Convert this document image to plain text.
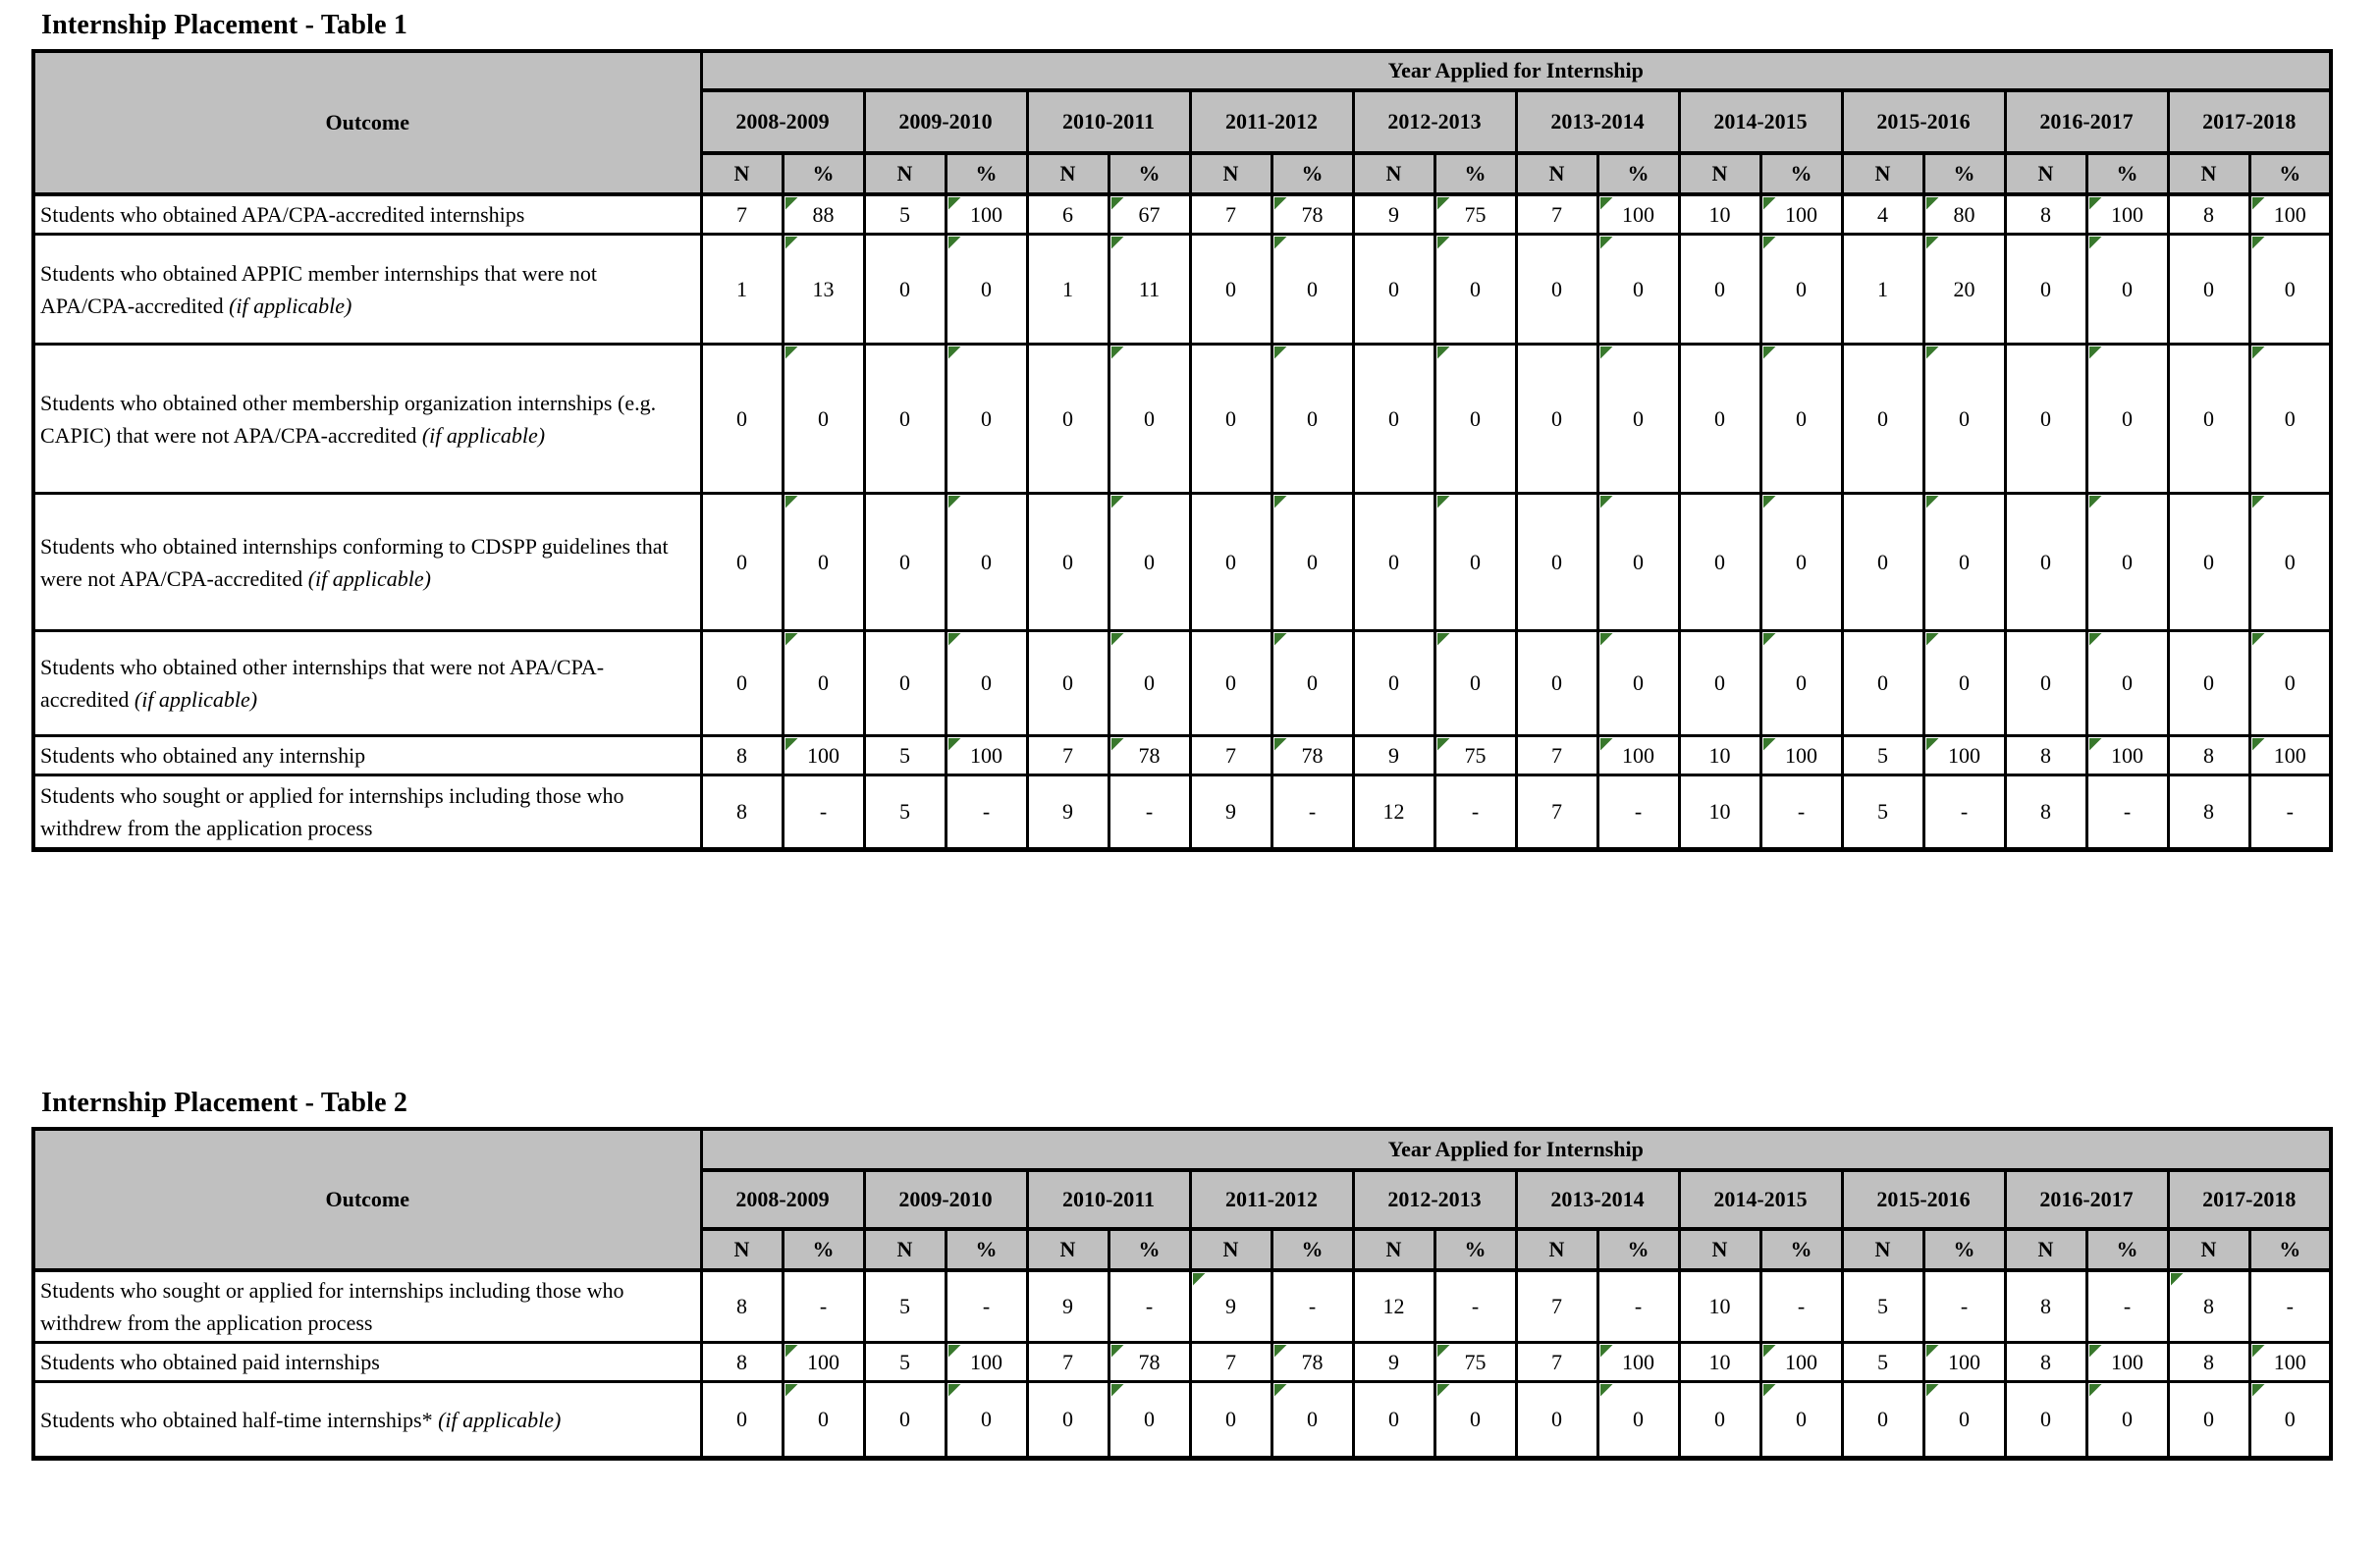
Internship Placement - Table 1
Outcome	Year Applied for Internship																			
	2008-2009		2009-2010		2010-2011		2011-2012		2012-2013		2013-2014		2014-2015		2015-2016		2016-2017		2017-2018	
	N	%	N	%	N	%	N	%	N	%	N	%	N	%	N	%	N	%	N	%
Students who obtained APA/CPA-accredited internships	7	88	5	100	6	67	7	78	9	75	7	100	10	100	4	80	8	100	8	100
Students who obtained APPIC member internships that were not APA/CPA-accredited (if applicable)	1	13	0	0	1	11	0	0	0	0	0	0	0	0	1	20	0	0	0	0
Students who obtained other membership organization internships (e.g. CAPIC) that were not APA/CPA-accredited (if applicable)	0	0	0	0	0	0	0	0	0	0	0	0	0	0	0	0	0	0	0	0
Students who obtained internships conforming to CDSPP guidelines that were not APA/CPA-accredited (if applicable)	0	0	0	0	0	0	0	0	0	0	0	0	0	0	0	0	0	0	0	0
Students who obtained other internships that were not APA/CPA-accredited (if applicable)	0	0	0	0	0	0	0	0	0	0	0	0	0	0	0	0	0	0	0	0
Students who obtained any internship	8	100	5	100	7	78	7	78	9	75	7	100	10	100	5	100	8	100	8	100
Students who sought or applied for internships including those who withdrew from the application process	8	-	5	-	9	-	9	-	12	-	7	-	10	-	5	-	8	-	8	-
Internship Placement - Table 2
Outcome	Year Applied for Internship																			
	2008-2009		2009-2010		2010-2011		2011-2012		2012-2013		2013-2014		2014-2015		2015-2016		2016-2017		2017-2018	
	N	%	N	%	N	%	N	%	N	%	N	%	N	%	N	%	N	%	N	%
Students who sought or applied for internships including those who withdrew from the application process	8	-	5	-	9	-	9	-	12	-	7	-	10	-	5	-	8	-	8	-
Students who obtained paid internships	8	100	5	100	7	78	7	78	9	75	7	100	10	100	5	100	8	100	8	100
Students who obtained half-time internships* (if applicable)	0	0	0	0	0	0	0	0	0	0	0	0	0	0	0	0	0	0	0	0
